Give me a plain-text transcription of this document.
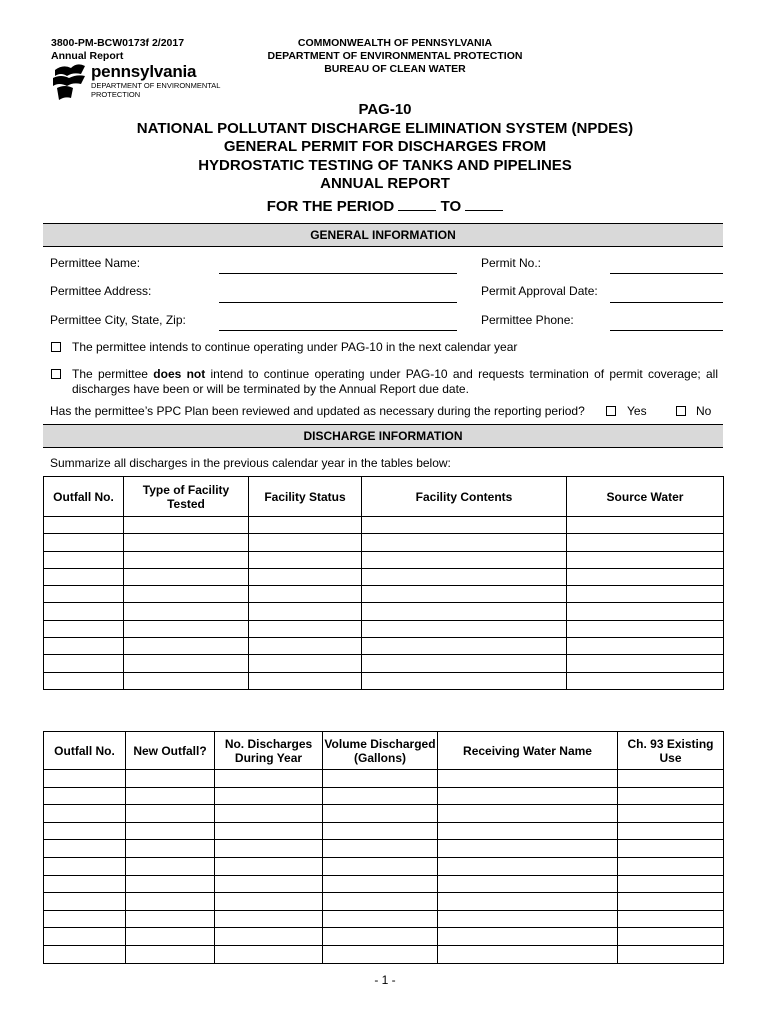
3800-PM-BCW0173f 2/2017
Annual Report
COMMONWEALTH OF PENNSYLVANIA
DEPARTMENT OF ENVIRONMENTAL PROTECTION
BUREAU OF CLEAN WATER
pennsylvania
DEPARTMENT OF ENVIRONMENTAL
PROTECTION
PAG-10
NATIONAL POLLUTANT DISCHARGE ELIMINATION SYSTEM (NPDES)
GENERAL PERMIT FOR DISCHARGES FROM
HYDROSTATIC TESTING OF TANKS AND PIPELINES
ANNUAL REPORT
FOR THE PERIOD	TO
GENERAL INFORMATION
Permittee Name:	Permit No.:
Permittee Address:	Permit Approval Date:
Permittee City, State, Zip:	Permittee Phone:
The permittee intends to continue operating under PAG-10 in the next calendar year
The permittee does not intend to continue operating under PAG-10 and requests termination of permit coverage; all discharges have been or will be terminated by the Annual Report due date.
Has the permittee’s PPC Plan been reviewed and updated as necessary during the reporting period?	Yes	No
DISCHARGE INFORMATION
Summarize all discharges in the previous calendar year in the tables below:
Outfall No.	Type of Facility Tested	Facility Status	Facility Contents	Source Water

Outfall No.	New Outfall?	No. Discharges During Year	Volume Discharged (Gallons)	Receiving Water Name	Ch. 93 Existing Use

- 1 -
